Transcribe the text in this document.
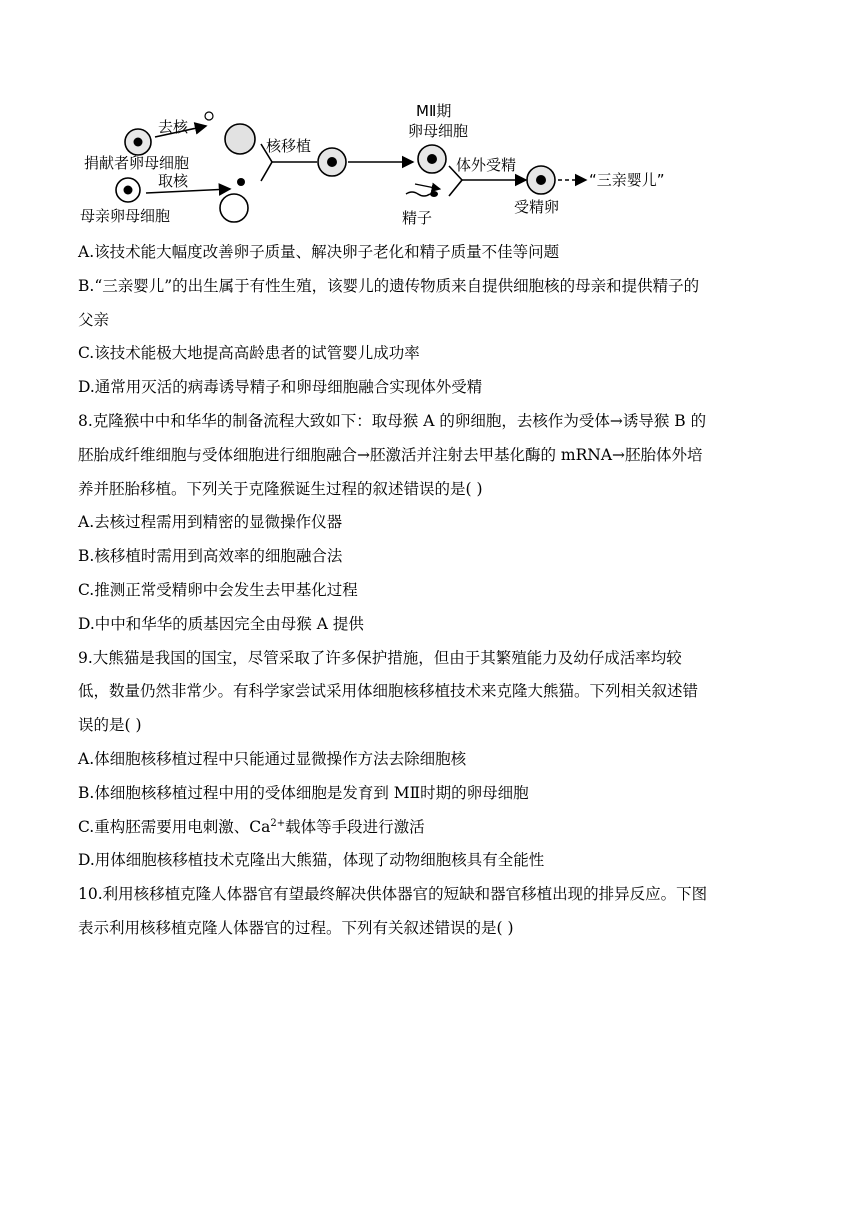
捐献者卵母细胞
去核
母亲卵母细胞
取核
核移植
MⅡ期
卵母细胞
精子
体外受精
受精卵
“三亲婴儿”
A.该技术能大幅度改善卵子质量、解决卵子老化和精子质量不佳等问题
B.“三亲婴儿”的出生属于有性生殖，该婴儿的遗传物质来自提供细胞核的母亲和提供精子的
父亲
C.该技术能极大地提高高龄患者的试管婴儿成功率
D.通常用灭活的病毒诱导精子和卵母细胞融合实现体外受精
8.克隆猴中中和华华的制备流程大致如下：取母猴 A 的卵细胞，去核作为受体→诱导猴 B 的
胚胎成纤维细胞与受体细胞进行细胞融合→胚激活并注射去甲基化酶的 mRNA→胚胎体外培
养并胚胎移植。下列关于克隆猴诞生过程的叙述错误的是( )
A.去核过程需用到精密的显微操作仪器
B.核移植时需用到高效率的细胞融合法
C.推测正常受精卵中会发生去甲基化过程
D.中中和华华的质基因完全由母猴 A 提供
9.大熊猫是我国的国宝，尽管采取了许多保护措施，但由于其繁殖能力及幼仔成活率均较
低，数量仍然非常少。有科学家尝试采用体细胞核移植技术来克隆大熊猫。下列相关叙述错
误的是( )
A.体细胞核移植过程中只能通过显微操作方法去除细胞核
B.体细胞核移植过程中用的受体细胞是发育到 MⅡ时期的卵母细胞
C.重构胚需要用电刺激、$Ca^{2+}$载体等手段进行激活
D.用体细胞核移植技术克隆出大熊猫，体现了动物细胞核具有全能性
10.利用核移植克隆人体器官有望最终解决供体器官的短缺和器官移植出现的排异反应。下图
表示利用核移植克隆人体器官的过程。下列有关叙述错误的是( )
